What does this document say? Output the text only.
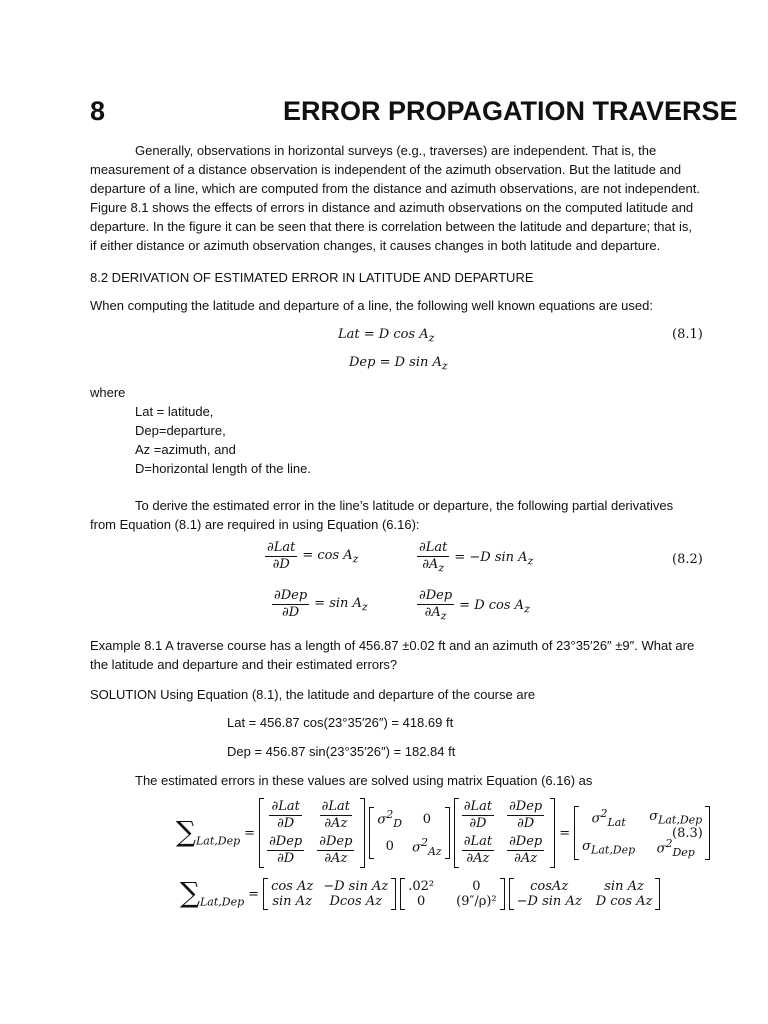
8	ERROR PROPAGATION TRAVERSE

Generally, observations in horizontal surveys (e.g., traverses) are independent. That is, the measurement of a distance observation is independent of the azimuth observation. But the latitude and departure of a line, which are computed from the distance and azimuth observations, are not independent. Figure 8.1 shows the effects of errors in distance and azimuth observations on the computed latitude and departure. In the figure it can be seen that there is correlation between the latitude and departure; that is, if either distance or azimuth observation changes, it causes changes in both latitude and departure.

8.2 DERIVATION OF ESTIMATED ERROR IN LATITUDE AND DEPARTURE
When computing the latitude and departure of a line, the following well known equations are used:
Lat = D $\cos A_z$	(8.1)
Dep = D $\sin A_z$
where
Lat = latitude,
Dep=departure,
Az =azimuth, and
D=horizontal length of the line.

To derive the estimated error in the line’s latitude or departure, the following partial derivatives from Equation (8.1) are required in using Equation (6.16):

$\frac{\text{∂Lat}}{\partial D} = \cos A_z$	$\frac{\text{∂Lat}}{\partial A_z} = -D$ $\sin A_z$	(8.2)
$\frac{\text{∂Dep}}{\partial D} = \sin A_z$	$\frac{\text{∂Dep}}{\partial A_z} = D$ $\cos A_z$

Example 8.1 A traverse course has a length of 456.87 ±0.02 ft and an azimuth of 23°35′26″ ±9″. What are the latitude and departure and their estimated errors?

SOLUTION Using Equation (8.1), the latitude and departure of the course are
Lat = 456.87 cos(23°35′26″) = 418.69 ft
Dep = 456.87 sin(23°35′26″) = 182.84 ft
The estimated errors in these values are solved using matrix Equation (6.16) as
$\sum_{Lat,Dep}$
=
$\frac{\text{∂Lat}}{\partial D} \frac{\text{∂Lat}}{\partial Az}$
$\frac{\text{∂Dep}}{\partial D} \frac{\text{∂Dep}}{\partial Az}$
$\sigma^2_D$ 0
0 $\sigma^2_{Az}$
$\frac{\text{∂Lat}}{\partial D} \frac{\text{∂Dep}}{\partial D}$
$\frac{\text{∂Lat}}{\partial Az} \frac{\text{∂Dep}}{\partial Az}$
=
$\sigma^2_{Lat}$ $\sigma_{Lat,Dep}$
$\sigma_{Lat,Dep}$ $\sigma^2_{Dep}$
(8.3)
$\sum_{Lat,Dep}$
= cos Az −D sin Az
sin Az Dcos Az
.02²	0
0 (9″/ρ)²
cosAz	sin Az
−D sin Az D cos Az
